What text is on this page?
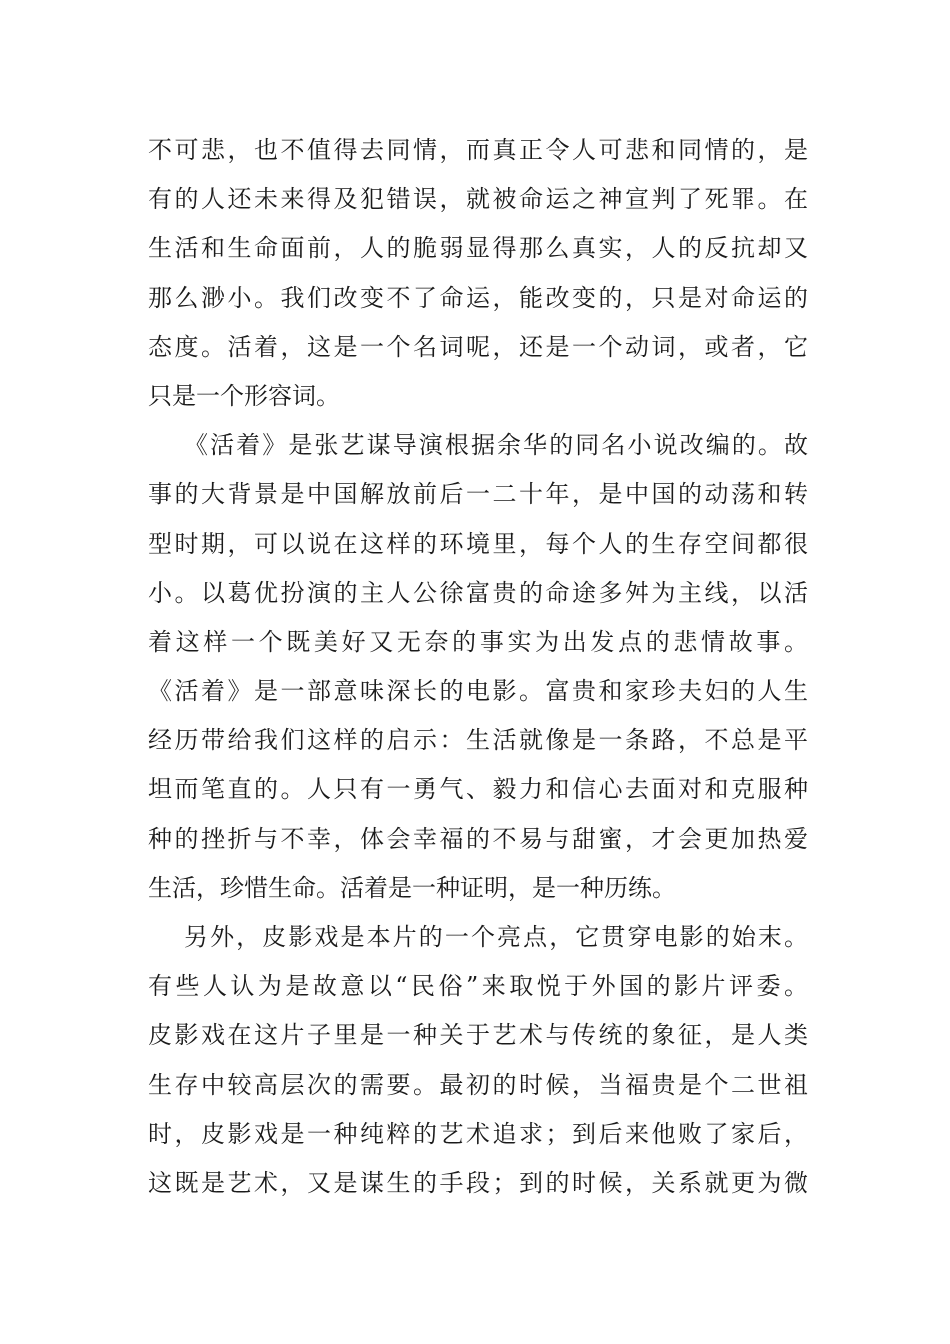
不可悲，也不值得去同情，而真正令人可悲和同情的，是
有的人还未来得及犯错误，就被命运之神宣判了死罪。在
生活和生命面前，人的脆弱显得那么真实，人的反抗却又
那么渺小。我们改变不了命运，能改变的，只是对命运的
态度。活着，这是一个名词呢，还是一个动词，或者，它
只是一个形容词。
《活着》是张艺谋导演根据余华的同名小说改编的。故
事的大背景是中国解放前后一二十年，是中国的动荡和转
型时期，可以说在这样的环境里，每个人的生存空间都很
小。以葛优扮演的主人公徐富贵的命途多舛为主线，以活
着这样一个既美好又无奈的事实为出发点的悲情故事。
《活着》是一部意味深长的电影。富贵和家珍夫妇的人生
经历带给我们这样的启示：生活就像是一条路，不总是平
坦而笔直的。人只有一勇气、毅力和信心去面对和克服种
种的挫折与不幸，体会幸福的不易与甜蜜，才会更加热爱
生活，珍惜生命。活着是一种证明，是一种历练。
另外，皮影戏是本片的一个亮点，它贯穿电影的始末。
有些人认为是故意以“民俗”来取悦于外国的影片评委。
皮影戏在这片子里是一种关于艺术与传统的象征，是人类
生存中较高层次的需要。最初的时候，当福贵是个二世祖
时，皮影戏是一种纯粹的艺术追求；到后来他败了家后，
这既是艺术，又是谋生的手段；到的时候，关系就更为微
